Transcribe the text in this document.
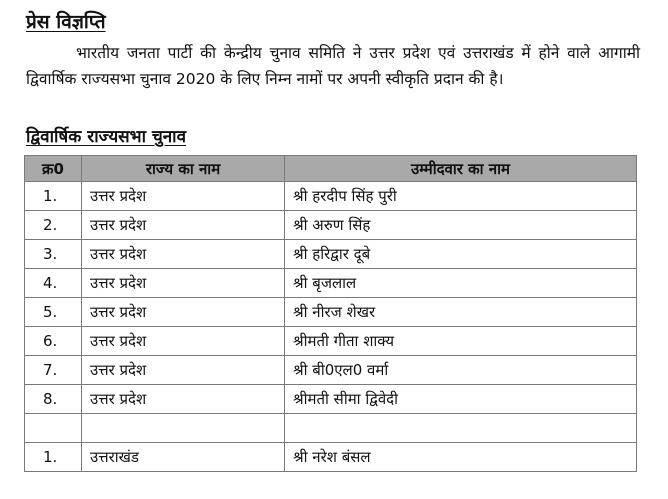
प्रेस विज्ञप्ति
भारतीय जनता पार्टी की केन्द्रीय चुनाव समिति ने उत्तर प्रदेश एवं उत्तराखंड में होने वाले आगामी द्विवार्षिक राज्यसभा चुनाव 2020 के लिए निम्न नामों पर अपनी स्वीकृति प्रदान की है।
द्विवार्षिक राज्यसभा चुनाव
क्र0	राज्य का नाम	उम्मीदवार का नाम
1.	उत्तर प्रदेश	श्री हरदीप सिंह पुरी
2.	उत्तर प्रदेश	श्री अरुण सिंह
3.	उत्तर प्रदेश	श्री हरिद्वार दूबे
4.	उत्तर प्रदेश	श्री बृजलाल
5.	उत्तर प्रदेश	श्री नीरज शेखर
6.	उत्तर प्रदेश	श्रीमती गीता शाक्य
7.	उत्तर प्रदेश	श्री बी0एल0 वर्मा
8.	उत्तर प्रदेश	श्रीमती सीमा द्विवेदी

1.	उत्तराखंड	श्री नरेश बंसल
